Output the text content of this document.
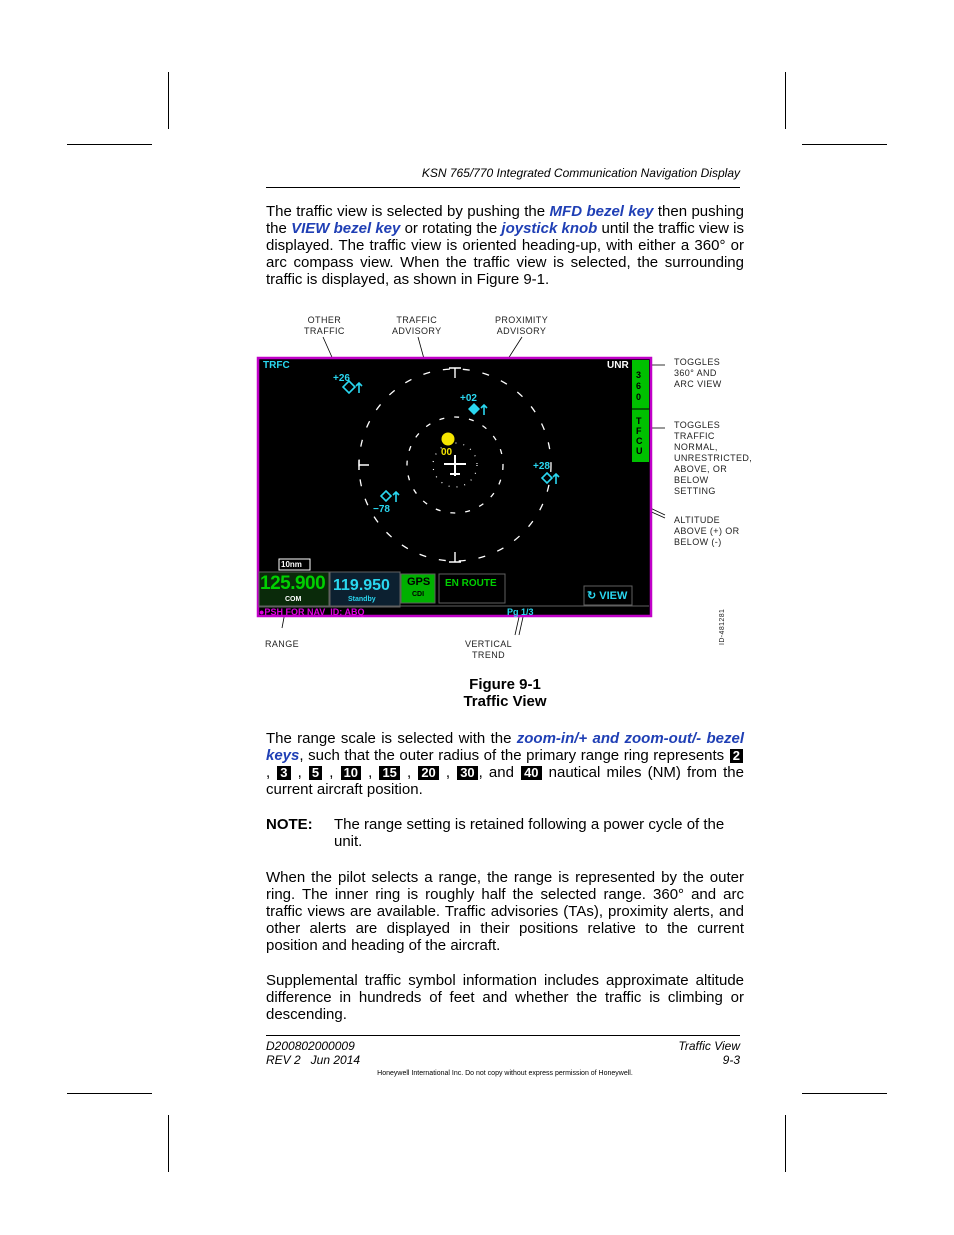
KSN 765/770 Integrated Communication Navigation Display

The traffic view is selected by pushing the MFD bezel key then pushing the VIEW bezel key or rotating the joystick knob until the traffic view is displayed. The traffic view is oriented heading‑up, with either a 360° or arc compass view. When the traffic view is selected, the surrounding traffic is displayed, as shown in Figure 9‑1.

TRFC	UNR
360
TFCU
+26
+02
00
+28
−78
10nm
125.900
COM
119.950
Standby
GPS
CDI
EN ROUTE
↻ VIEW
●PSH FOR NAV  ID: ABQ	Pg 1/3
OTHER
TRAFFIC
TRAFFIC
ADVISORY
PROXIMITY
ADVISORY
TOGGLES
360° AND
ARC VIEW
TOGGLES
TRAFFIC
NORMAL,
UNRESTRICTED,
ABOVE, OR
BELOW
SETTING
ALTITUDE
ABOVE (+) OR
BELOW (-)
RANGE	VERTICAL
TREND
ID-481281
Figure 9‑1
Traffic View

The range scale is selected with the zoom‑in/+ and zoom‑out/‑ bezel keys, such that the outer radius of the primary range ring represents 2 , 3 , 5 , 10 , 15 , 20 , 30 , and 40 nautical miles (NM) from the current aircraft position.

NOTE: The range setting is retained following a power cycle of the unit.
When the pilot selects a range, the range is represented by the outer ring. The inner ring is roughly half the selected range. 360° and arc traffic views are available. Traffic advisories (TAs), proximity alerts, and other alerts are displayed in their positions relative to the current position and heading of the aircraft.
Supplemental traffic symbol information includes approximate altitude difference in hundreds of feet and whether the traffic is climbing or descending.
D200802000009
REV 2   Jun 2014
Traffic View
9-3
Honeywell International Inc. Do not copy without express permission of Honeywell.
